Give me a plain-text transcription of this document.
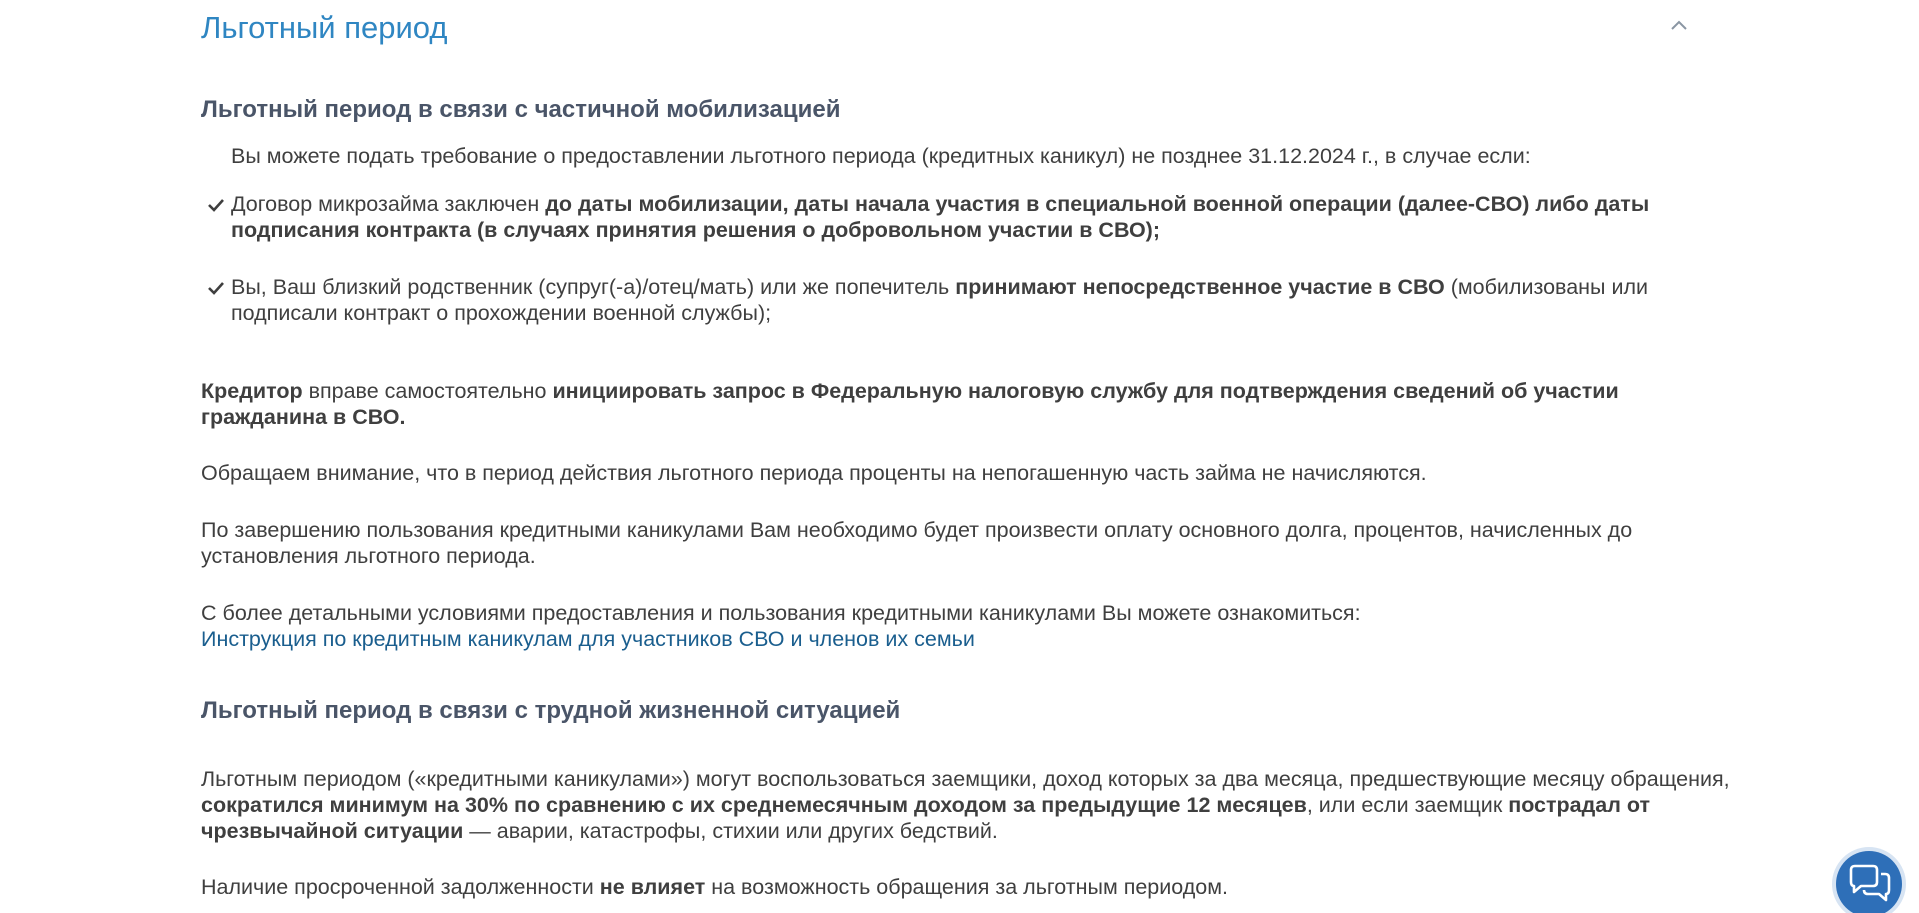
Льготный период
Льготный период в связи с частичной мобилизацией

Вы можете подать требование о предоставлении льготного периода (кредитных каникул) не позднее 31.12.2024 г., в случае если:

Договор микрозайма заключен до даты мобилизации, даты начала участия в специальной военной операции (далее-СВО) либо даты подписания контракта (в случаях принятия решения о добровольном участии в СВО);

Вы, Ваш близкий родственник (супруг(-а)/отец/мать) или же попечитель принимают непосредственное участие в СВО (мобилизованы или подписали контракт о прохождении военной службы);

Кредитор вправе самостоятельно инициировать запрос в Федеральную налоговую службу для подтверждения сведений об участии гражданина в СВО.

Обращаем внимание, что в период действия льготного периода проценты на непогашенную часть займа не начисляются.

По завершению пользования кредитными каникулами Вам необходимо будет произвести оплату основного долга, процентов, начисленных до установления льготного периода.

С более детальными условиями предоставления и пользования кредитными каникулами Вы можете ознакомиться:
Инструкция по кредитным каникулам для участников СВО и членов их семьи

Льготный период в связи с трудной жизненной ситуацией

Льготным периодом («кредитными каникулами») могут воспользоваться заемщики, доход которых за два месяца, предшествующие месяцу обращения, сократился минимум на 30% по сравнению с их среднемесячным доходом за предыдущие 12 месяцев, или если заемщик пострадал от чрезвычайной ситуации — аварии, катастрофы, стихии или других бедствий.

Наличие просроченной задолженности не влияет на возможность обращения за льготным периодом.
